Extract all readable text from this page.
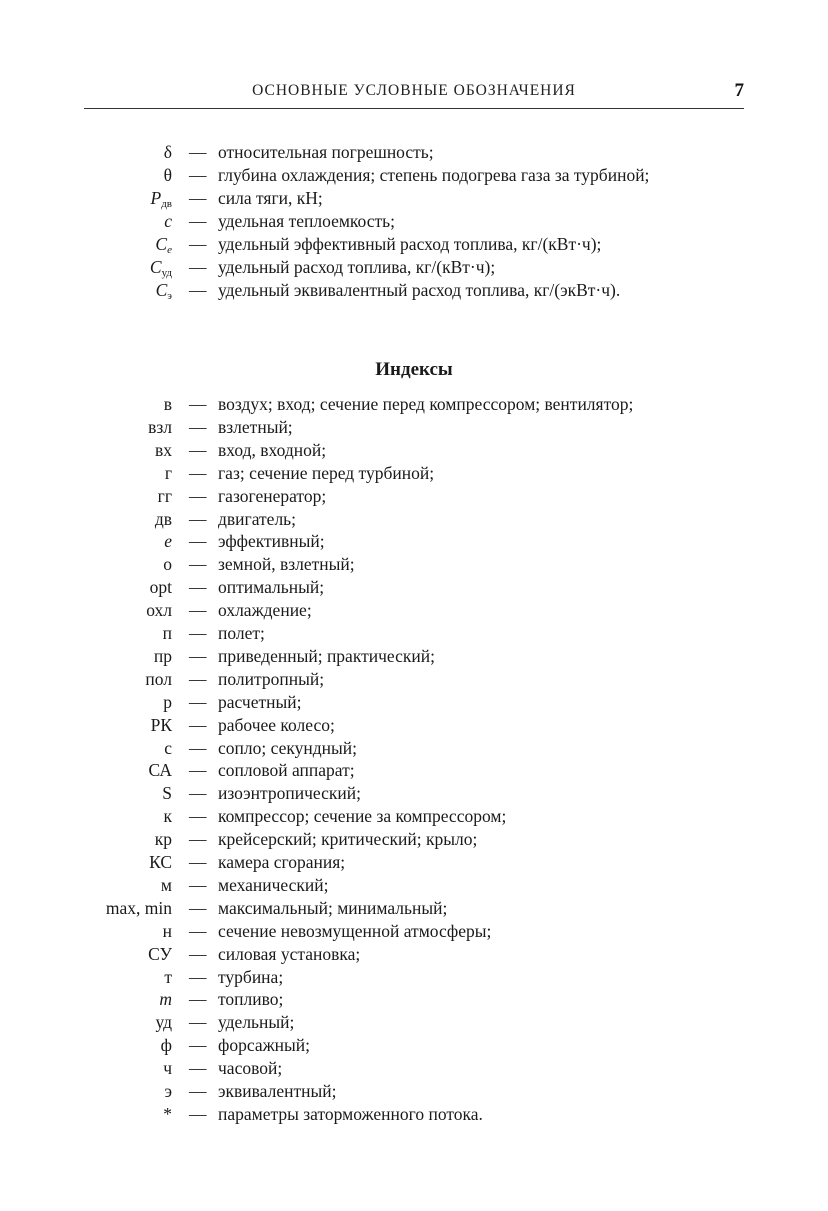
ОСНОВНЫЕ УСЛОВНЫЕ ОБОЗНАЧЕНИЯ	7
δ — относительная погрешность;
θ — глубина охлаждения; степень подогрева газа за турбиной;
$P_{дв}$ — сила тяги, кН;
c — удельная теплоемкость;
$C_e$ — удельный эффективный расход топлива, кг/(кВт·ч);
$C_{уд}$ — удельный расход топлива, кг/(кВт·ч);
$C_э$ — удельный эквивалентный расход топлива, кг/(экВт·ч).
Индексы
в — воздух; вход; сечение перед компрессором; вентилятор;
взл — взлетный;
вх — вход, входной;
г — газ; сечение перед турбиной;
гг — газогенератор;
дв — двигатель;
e — эффективный;
о — земной, взлетный;
opt — оптимальный;
охл — охлаждение;
п — полет;
пр — приведенный; практический;
пол — политропный;
р — расчетный;
РК — рабочее колесо;
с — сопло; секундный;
СА — сопловой аппарат;
S — изоэнтропический;
к — компрессор; сечение за компрессором;
кр — крейсерский; критический; крыло;
КС — камера сгорания;
м — механический;
max, min — максимальный; минимальный;
н — сечение невозмущенной атмосферы;
СУ — силовая установка;
т — турбина;
m — топливо;
уд — удельный;
ф — форсажный;
ч — часовой;
э — эквивалентный;
* — параметры заторможенного потока.
